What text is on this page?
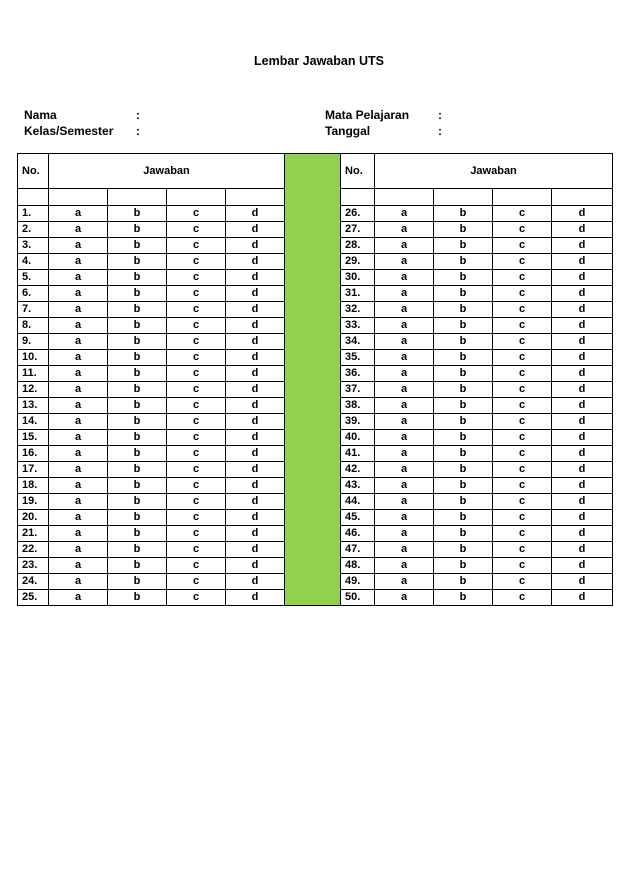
Lembar Jawaban UTS
Nama	:
Kelas/Semester :
Mata Pelajaran :
Tanggal	:
No.	Jawaban					No.	Jawaban			

1.	a	b	c	d		26.	a	b	c	d
2.	a	b	c	d		27.	a	b	c	d
3.	a	b	c	d		28.	a	b	c	d
4.	a	b	c	d		29.	a	b	c	d
5.	a	b	c	d		30.	a	b	c	d
6.	a	b	c	d		31.	a	b	c	d
7.	a	b	c	d		32.	a	b	c	d
8.	a	b	c	d		33.	a	b	c	d
9.	a	b	c	d		34.	a	b	c	d
10.	a	b	c	d		35.	a	b	c	d
11.	a	b	c	d		36.	a	b	c	d
12.	a	b	c	d		37.	a	b	c	d
13.	a	b	c	d		38.	a	b	c	d
14.	a	b	c	d		39.	a	b	c	d
15.	a	b	c	d		40.	a	b	c	d
16.	a	b	c	d		41.	a	b	c	d
17.	a	b	c	d		42.	a	b	c	d
18.	a	b	c	d		43.	a	b	c	d
19.	a	b	c	d		44.	a	b	c	d
20.	a	b	c	d		45.	a	b	c	d
21.	a	b	c	d		46.	a	b	c	d
22.	a	b	c	d		47.	a	b	c	d
23.	a	b	c	d		48.	a	b	c	d
24.	a	b	c	d		49.	a	b	c	d
25.	a	b	c	d		50.	a	b	c	d
